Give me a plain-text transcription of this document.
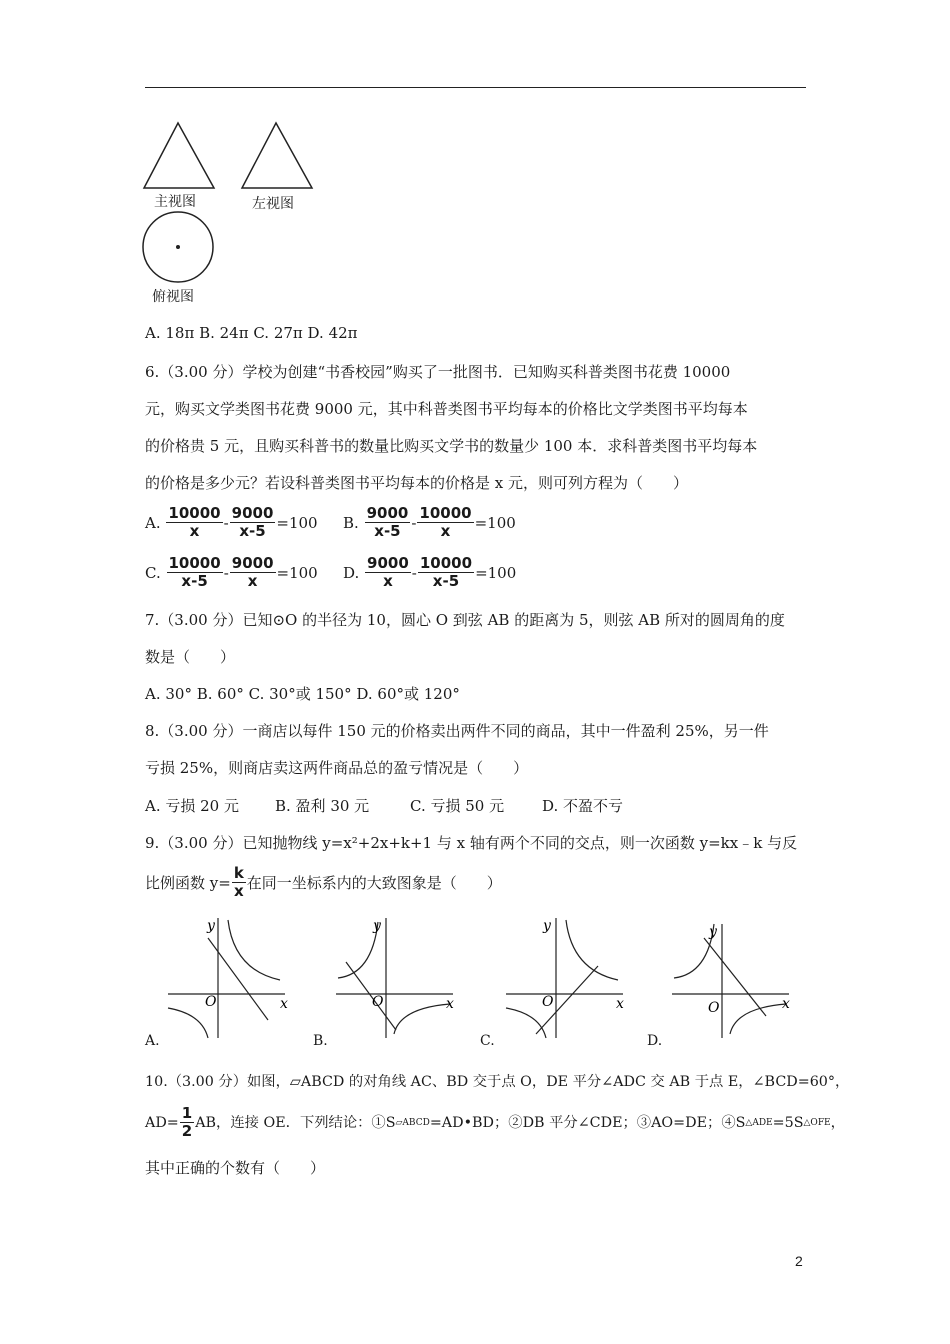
主视图	左视图
俯视图
A. 18π B. 24π C. 27π D. 42π
6.（3.00 分）学校为创建“书香校园”购买了一批图书．已知购买科普类图书花费 10000
元，购买文学类图书花费 9000 元，其中科普类图书平均每本的价格比文学类图书平均每本
的价格贵 5 元，且购买科普书的数量比购买文学书的数量少 100 本．求科普类图书平均每本
的价格是多少元？若设科普类图书平均每本的价格是 x 元，则可列方程为（　　）
A.
$\frac{10000}{x} - \frac{9000}{x-5} =100$ B.
$\frac{9000}{x-5} - \frac{10000}{x} =100$
C.
$\frac{10000}{x-5} - \frac{9000}{x} =100$ D.
$\frac{9000}{x} - \frac{10000}{x-5} =100$
7.（3.00 分）已知⊙O 的半径为 10，圆心 O 到弦 AB 的距离为 5，则弦 AB 所对的圆周角的度
数是（　　）
A. 30° B. 60° C. 30°或 150° D. 60°或 120°
8.（3.00 分）一商店以每件 150 元的价格卖出两件不同的商品，其中一件盈利 25%，另一件
亏损 25%，则商店卖这两件商品总的盈亏情况是（　　）
A. 亏损 20 元 B. 盈利 30 元	C. 亏损 50 元	D. 不盈不亏
9.（3.00 分）已知抛物线 y=x²+2x+k+1 与 x 轴有两个不同的交点，则一次函数 y=kx﹣k 与反
比例函数 $y= \frac{k}{x}$ 在同一坐标系内的大致图象是（　　）
y
x
O
y
x
O
y
x
O
y
x
O
A.	B.	C.	D.
10.（3.00 分）如图，▱ABCD 的对角线 AC、BD 交于点 O，DE 平分∠ADC 交 AB 于点 E，∠BCD=60°，
$AD= \frac{1}{2}$ AB，连接 OE．下列结论：①S ▱ABCD =AD•BD；②DB 平分∠CDE；③AO=DE；④S △ADE =5S △OFE ，
其中正确的个数有（　　）
2
